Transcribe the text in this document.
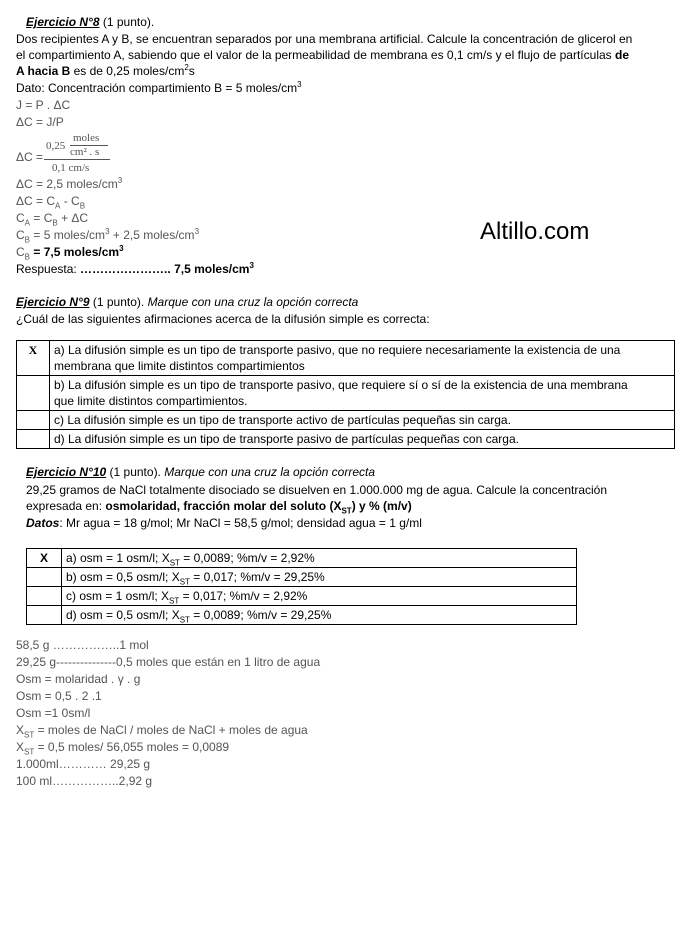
Ejercicio N°8 (1 punto).
Dos recipientes A y B, se encuentran separados por una membrana artificial. Calcule la concentración de glicerol en
el compartimiento A, sabiendo que el valor de la permeabilidad de membrana es 0,1 cm/s y el flujo de partículas de
A hacia B es de 0,25 moles/$cm^2s$
Dato: Concentración compartimiento B = 5 moles/$cm^3$
J = P . ΔC
ΔC = J/P
ΔC =
0,25
moles
cm² . s
0,1 cm/s
ΔC = 2,5 moles/$cm^3$
$\Delta C = C_A - C_B$
$C_A = C_B + \Delta C$
$C_B = 5$ moles/$cm^3 + 2,5$ moles/$cm^3$
$C_B = 7,5$ moles/$cm^3$
Respuesta: ………………….. 7,5 moles/$cm^3$
Altillo.com
Ejercicio N°9 (1 punto). Marque con una cruz la opción correcta
¿Cuál de las siguientes afirmaciones acerca de la difusión simple es correcta:
X	a) La difusión simple es un tipo de transporte pasivo, que no requiere necesariamente la existencia de una
membrana que limite distintos compartimientos

	b) La difusión simple es un tipo de transporte pasivo, que requiere sí o sí de la existencia de una membrana
que limite distintos compartimientos.

	c) La difusión simple es un tipo de transporte activo de partículas pequeñas sin carga.
	d) La difusión simple es un tipo de transporte pasivo de partículas pequeñas con carga.
Ejercicio N°10 (1 punto). Marque con una cruz la opción correcta
29,25 gramos de NaCl totalmente disociado se disuelven en 1.000.000 mg de agua. Calcule la concentración
expresada en: osmolaridad, fracción molar del soluto $(X_{ST})$ y % (m/v)
Datos: Mr agua = 18 g/mol; Mr NaCl = 58,5 g/mol; densidad agua = 1 g/ml
X	a) osm = 1 osm/l; $X_{ST} = 0,0089$; %m/v = 2,92%
	b) osm = 0,5 osm/l; $X_{ST} = 0,017$; %m/v = 29,25%
	c) osm = 1 osm/l; $X_{ST} = 0,017$; %m/v = 2,92%
	d) osm = 0,5 osm/l; $X_{ST} = 0,0089$; %m/v = 29,25%
58,5 g ……………..1 mol
29,25 g---------------0,5 moles que están en 1 litro de agua
Osm = molaridad . γ . g
Osm = 0,5 . 2 .1
Osm =1 0sm/l
$X_{ST}$ = moles de NaCl / moles de NaCl + moles de agua
$X_{ST} = 0,5$ moles/ 56,055 moles = 0,0089
1.000ml………… 29,25 g
100 ml……………..2,92 g
